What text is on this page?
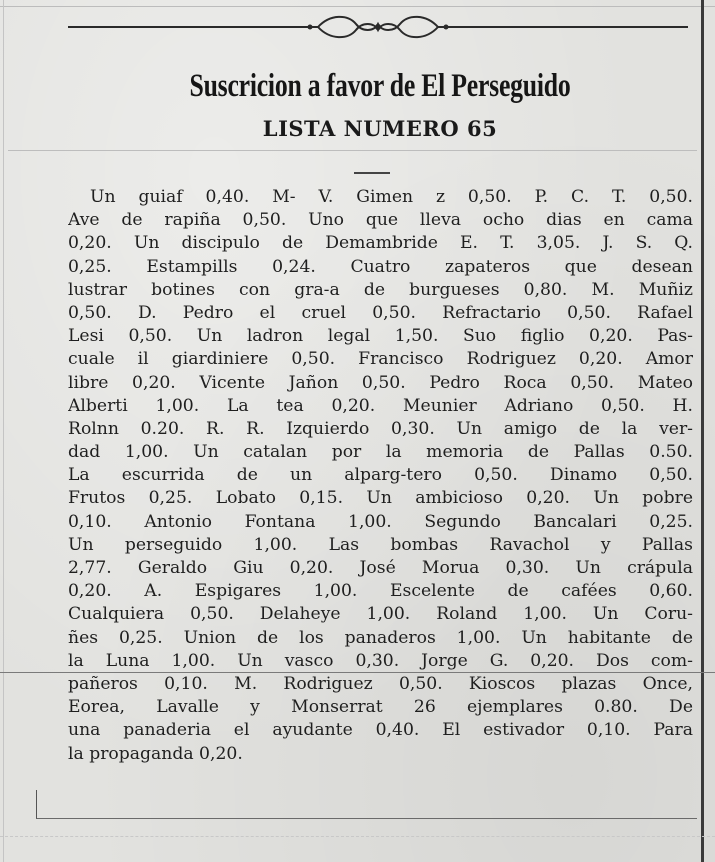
Suscricion a favor de El Perseguido
LISTA NUMERO 65
Un guiaf 0,40. M- V. Gimen z 0,50. P. C. T. 0,50.
Ave de rapiña 0,50. Uno que lleva ocho dias en cama
0,20. Un discipulo de Demambride E. T. 3,05. J. S. Q.
0,25. Estampills 0,24. Cuatro zapateros que desean
lustrar botines con gra-a de burgueses 0,80. M. Muñiz
0,50. D. Pedro el cruel 0,50. Refractario 0,50. Rafael
Lesi 0,50. Un ladron legal 1,50. Suo figlio 0,20. Pas-
cuale il giardiniere 0,50. Francisco Rodriguez 0,20. Amor
libre 0,20. Vicente Jañon 0,50. Pedro Roca 0,50. Mateo
Alberti 1,00. La tea 0,20. Meunier Adriano 0,50. H.
Rolnn 0.20. R. R. Izquierdo 0,30. Un amigo de la ver-
dad 1,00. Un catalan por la memoria de Pallas 0.50.
La escurrida de un alparg-tero 0,50. Dinamo 0,50.
Frutos 0,25. Lobato 0,15. Un ambicioso 0,20. Un pobre
0,10. Antonio Fontana 1,00. Segundo Bancalari 0,25.
Un perseguido 1,00. Las bombas Ravachol y Pallas
2,77. Geraldo Giu 0,20. José Morua 0,30. Un crápula
0,20. A. Espigares 1,00. Escelente de cafées 0,60.
Cualquiera 0,50. Delaheye 1,00. Roland 1,00. Un Coru-
ñes 0,25. Union de los panaderos 1,00. Un habitante de
la Luna 1,00. Un vasco 0,30. Jorge G. 0,20. Dos com-
pañeros 0,10. M. Rodriguez 0,50. Kioscos plazas Once,
Eorea, Lavalle y Monserrat 26 ejemplares 0.80. De
una panaderia el ayudante 0,40. El estivador 0,10. Para
la propaganda 0,20.
